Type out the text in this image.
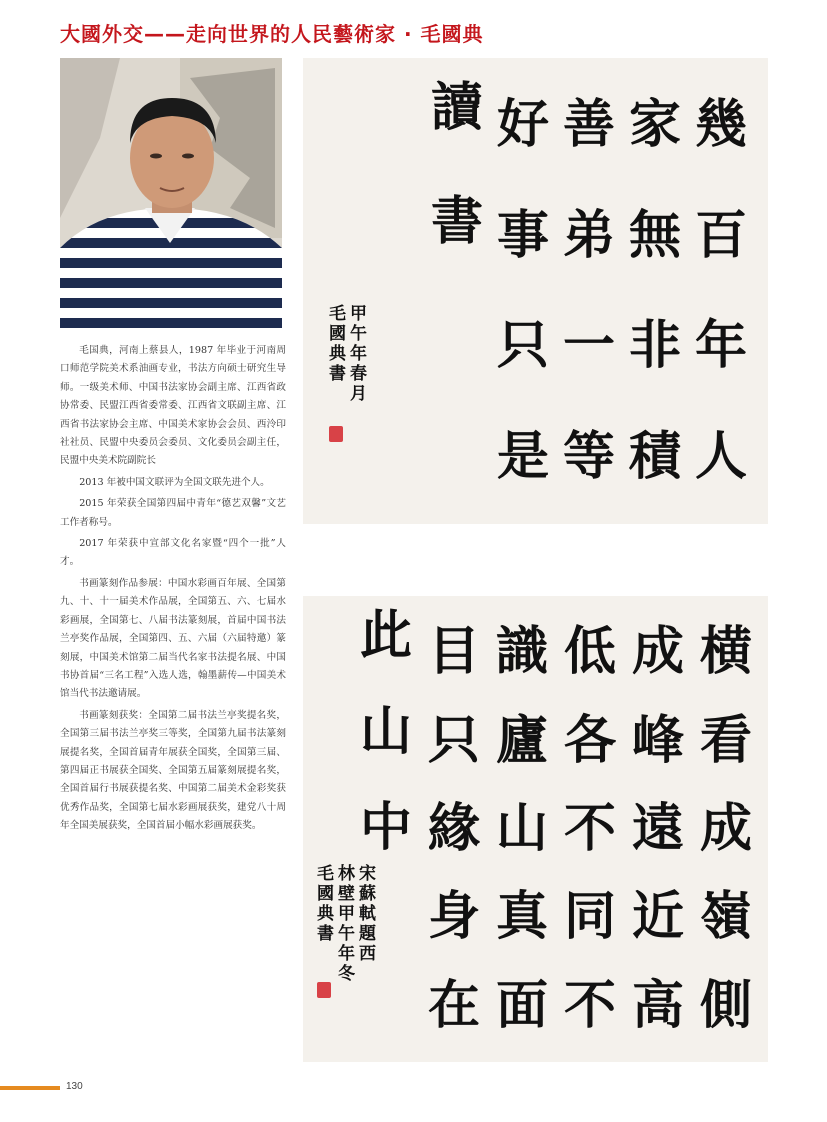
大國外交——走向世界的人民藝術家 · 毛國典

毛国典，河南上蔡县人，1987 年毕业于河南周口师范学院美术系油画专业，书法方向硕士研究生导师。一级美术师、中国书法家协会副主席、江西省政协常委、民盟江西省委常委、江西省文联副主席、江西省书法家协会主席、中国美术家协会会员、西泠印社社员、民盟中央委员会委员、文化委员会副主任，民盟中央美术院副院长

2013 年被中国文联评为全国文联先进个人。

2015 年荣获全国第四届中青年“德艺双馨”文艺工作者称号。

2017 年荣获中宣部文化名家暨“四个一批”人才。

书画篆刻作品参展：中国水彩画百年展、全国第九、十、十一届美术作品展，全国第五、六、七届水彩画展，全国第七、八届书法篆刻展，首届中国书法兰亭奖作品展，全国第四、五、六届（六届特邀）篆刻展，中国美术馆第二届当代名家书法提名展、中国书协首届“三名工程”入选人选，翰墨薪传—中国美术馆当代书法邀请展。

书画篆刻获奖：全国第二届书法兰亭奖提名奖，全国第三届书法兰亭奖三等奖，全国第九届书法篆刻展提名奖，全国首届青年展获全国奖，全国第三届、第四届正书展获全国奖、全国第五届篆刻展提名奖，全国首届行书展获提名奖、中国第二届美术金彩奖获优秀作品奖，全国第七届水彩画展获奖，建党八十周年全国美展获奖，全国首届小幅水彩画展获奖。

幾
百
年
人
家
無
非
積
善
弟
一
等
好
事
只
是
讀
書
甲
午
年
春
月
毛
國
典
書
横
看
成
嶺
側
成
峰
遠
近
高
低
各
不
同
不
識
廬
山
真
面
目
只
緣
身
在
此
山
中
宋
蘇
軾
題
西
林
壁
甲
午
年
冬
毛
國
典
書
130
